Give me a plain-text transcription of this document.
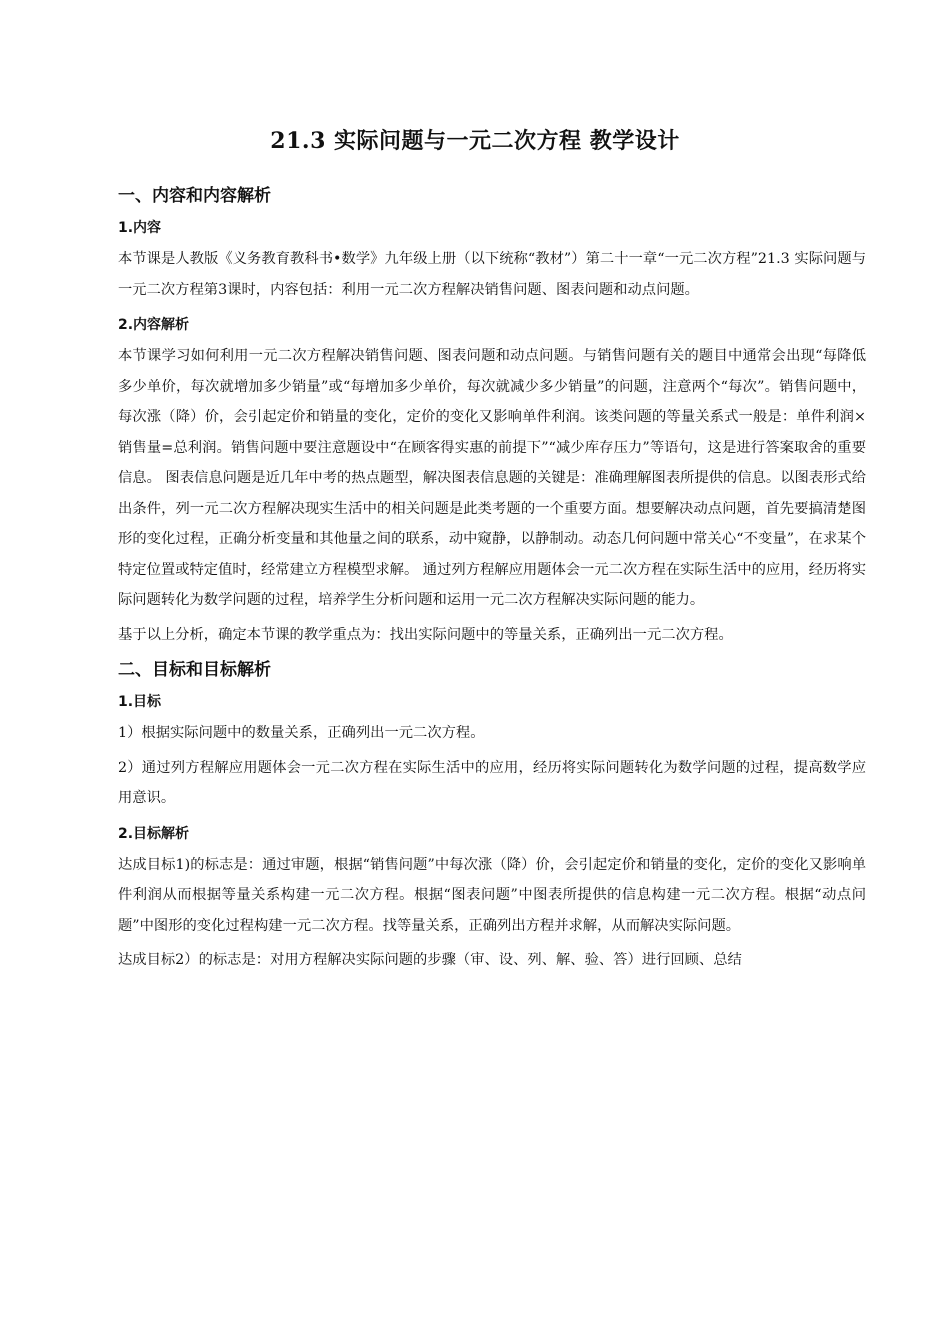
21.3 实际问题与一元二次方程 教学设计
一、内容和内容解析
1.内容

本节课是人教版《义务教育教科书•数学》九年级上册（以下统称“教材”）第二十一章“一元二次方程”21.3 实际问题与一元二次方程第3课时，内容包括：利用一元二次方程解决销售问题、图表问题和动点问题。

2.内容解析

本节课学习如何利用一元二次方程解决销售问题、图表问题和动点问题。与销售问题有关的题目中通常会出现“每降低多少单价，每次就增加多少销量”或“每增加多少单价，每次就减少多少销量”的问题，注意两个“每次”。销售问题中，每次涨（降）价，会引起定价和销量的变化，定价的变化又影响单件利润。该类问题的等量关系式一般是：单件利润×销售量=总利润。销售问题中要注意题设中“在顾客得实惠的前提下”“减少库存压力”等语句，这是进行答案取舍的重要信息。 图表信息问题是近几年中考的热点题型，解决图表信息题的关键是：准确理解图表所提供的信息。以图表形式给出条件，列一元二次方程解决现实生活中的相关问题是此类考题的一个重要方面。想要解决动点问题，首先要搞清楚图形的变化过程，正确分析变量和其他量之间的联系，动中窥静，以静制动。动态几何问题中常关心“不变量”，在求某个特定位置或特定值时，经常建立方程模型求解。 通过列方程解应用题体会一元二次方程在实际生活中的应用，经历将实际问题转化为数学问题的过程，培养学生分析问题和运用一元二次方程解决实际问题的能力。

基于以上分析，确定本节课的教学重点为：找出实际问题中的等量关系，正确列出一元二次方程。

二、目标和目标解析
1.目标

1）根据实际问题中的数量关系，正确列出一元二次方程。

2）通过列方程解应用题体会一元二次方程在实际生活中的应用，经历将实际问题转化为数学问题的过程，提高数学应用意识。

2.目标解析

达成目标1)的标志是：通过审题，根据“销售问题”中每次涨（降）价，会引起定价和销量的变化，定价的变化又影响单件利润从而根据等量关系构建一元二次方程。根据“图表问题”中图表所提供的信息构建一元二次方程。根据“动点问题”中图形的变化过程构建一元二次方程。找等量关系，正确列出方程并求解，从而解决实际问题。

达成目标2）的标志是：对用方程解决实际问题的步骤（审、设、列、解、验、答）进行回顾、总结
